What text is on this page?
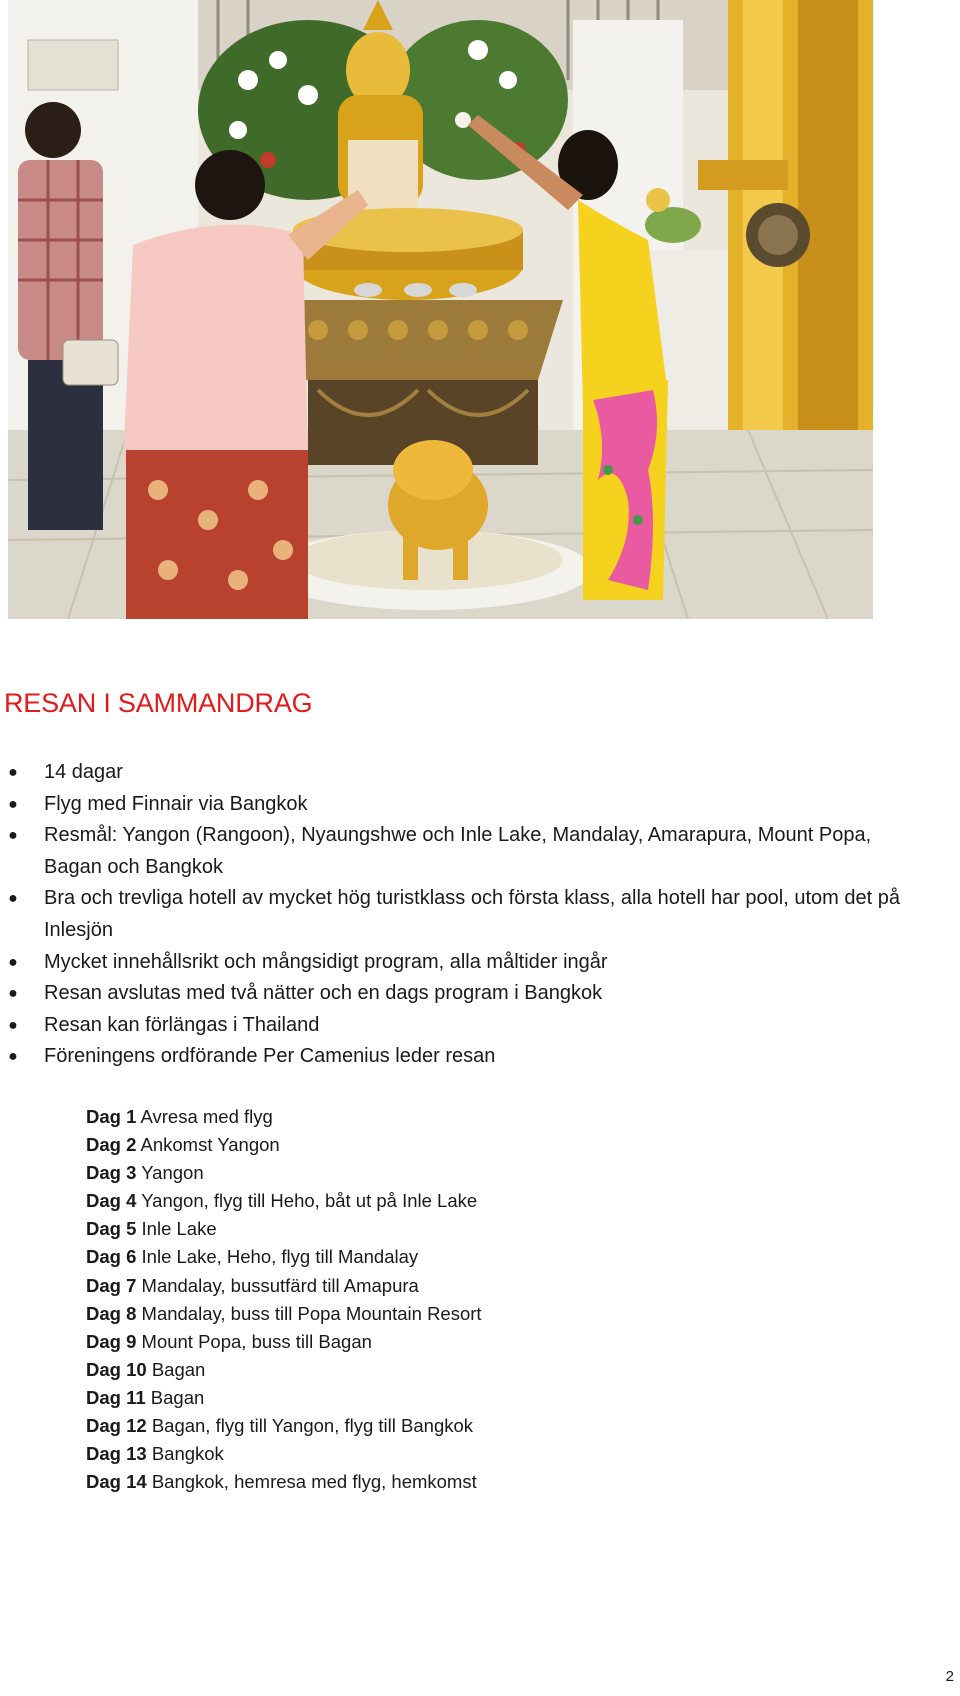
RESAN I SAMMANDRAG
● 14 dagar
● Flyg med Finnair via Bangkok
● Resmål: Yangon (Rangoon), Nyaungshwe och Inle Lake, Mandalay, Amarapura, Mount Popa, Bagan och Bangkok
● Bra och trevliga hotell av mycket hög turistklass och första klass, alla hotell har pool, utom det på Inlesjön
● Mycket innehållsrikt och mångsidigt program, alla måltider ingår
● Resan avslutas med två nätter och en dags program i Bangkok
● Resan kan förlängas i Thailand
● Föreningens ordförande Per Camenius leder resan
Dag 1 Avresa med flyg
Dag 2 Ankomst Yangon
Dag 3 Yangon
Dag 4 Yangon, flyg till Heho, båt ut på Inle Lake
Dag 5 Inle Lake
Dag 6 Inle Lake, Heho, flyg till Mandalay
Dag 7 Mandalay, bussutfärd till Amapura
Dag 8 Mandalay, buss till Popa Mountain Resort
Dag 9 Mount Popa, buss till Bagan
Dag 10 Bagan
Dag 11 Bagan
Dag 12 Bagan, flyg till Yangon, flyg till Bangkok
Dag 13 Bangkok
Dag 14 Bangkok, hemresa med flyg, hemkomst
2
